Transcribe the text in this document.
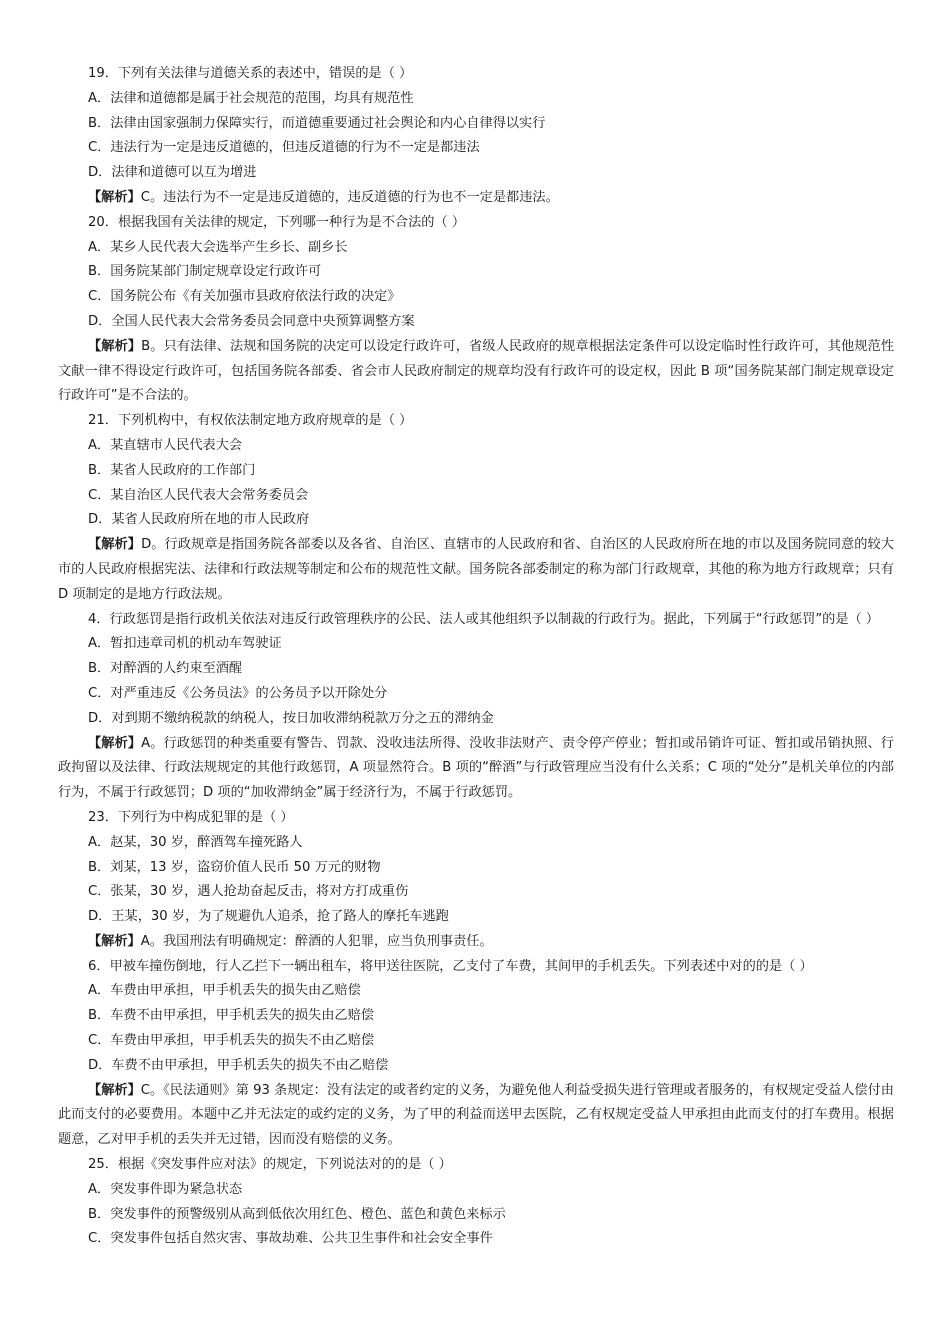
19．下列有关法律与道德关系的表述中，错误的是（ ）

A．法律和道德都是属于社会规范的范围，均具有规范性

B．法律由国家强制力保障实行，而道德重要通过社会舆论和内心自律得以实行

C．违法行为一定是违反道德的，但违反道德的行为不一定是都违法

D．法律和道德可以互为增进

【解析】C。违法行为不一定是违反道德的，违反道德的行为也不一定是都违法。

20．根据我国有关法律的规定，下列哪一种行为是不合法的（ ）

A．某乡人民代表大会选举产生乡长、副乡长

B．国务院某部门制定规章设定行政许可

C．国务院公布《有关加强市县政府依法行政的决定》

D．全国人民代表大会常务委员会同意中央预算调整方案

【解析】B。只有法律、法规和国务院的决定可以设定行政许可，省级人民政府的规章根据法定条件可以设定临时性行政许可，其他规范性文献一律不得设定行政许可，包括国务院各部委、省会市人民政府制定的规章均没有行政许可的设定权，因此 B 项“国务院某部门制定规章设定行政许可”是不合法的。

21．下列机构中，有权依法制定地方政府规章的是（ ）

A．某直辖市人民代表大会

B．某省人民政府的工作部门

C．某自治区人民代表大会常务委员会

D．某省人民政府所在地的市人民政府

【解析】D。行政规章是指国务院各部委以及各省、自治区、直辖市的人民政府和省、自治区的人民政府所在地的市以及国务院同意的较大市的人民政府根据宪法、法律和行政法规等制定和公布的规范性文献。国务院各部委制定的称为部门行政规章，其他的称为地方行政规章；只有 D 项制定的是地方行政法规。

4．行政惩罚是指行政机关依法对违反行政管理秩序的公民、法人或其他组织予以制裁的行政行为。据此，下列属于“行政惩罚”的是（ ）

A．暂扣违章司机的机动车驾驶证

B．对醉酒的人约束至酒醒

C．对严重违反《公务员法》的公务员予以开除处分

D．对到期不缴纳税款的纳税人，按日加收滞纳税款万分之五的滞纳金

【解析】A。行政惩罚的种类重要有警告、罚款、没收违法所得、没收非法财产、责令停产停业；暂扣或吊销许可证、暂扣或吊销执照、行政拘留以及法律、行政法规规定的其他行政惩罚，A 项显然符合。B 项的“醉酒”与行政管理应当没有什么关系；C 项的“处分”是机关单位的内部行为，不属于行政惩罚；D 项的“加收滞纳金”属于经济行为，不属于行政惩罚。

23．下列行为中构成犯罪的是（ ）

A．赵某，30 岁，醉酒驾车撞死路人

B．刘某，13 岁，盗窃价值人民币 50 万元的财物

C．张某，30 岁，遇人抢劫奋起反击，将对方打成重伤

D．王某，30 岁，为了规避仇人追杀，抢了路人的摩托车逃跑

【解析】A。我国刑法有明确规定：醉酒的人犯罪，应当负刑事责任。

6．甲被车撞伤倒地，行人乙拦下一辆出租车，将甲送往医院，乙支付了车费，其间甲的手机丢失。下列表述中对的的是（ ）

A．车费由甲承担，甲手机丢失的损失由乙赔偿

B．车费不由甲承担，甲手机丢失的损失由乙赔偿

C．车费由甲承担，甲手机丢失的损失不由乙赔偿

D．车费不由甲承担，甲手机丢失的损失不由乙赔偿

【解析】C。《民法通则》第 93 条规定：没有法定的或者约定的义务，为避免他人利益受损失进行管理或者服务的，有权规定受益人偿付由此而支付的必要费用。本题中乙并无法定的或约定的义务，为了甲的利益而送甲去医院，乙有权规定受益人甲承担由此而支付的打车费用。根据题意，乙对甲手机的丢失并无过错，因而没有赔偿的义务。

25．根据《突发事件应对法》的规定，下列说法对的的是（ ）

A．突发事件即为紧急状态

B．突发事件的预警级别从高到低依次用红色、橙色、蓝色和黄色来标示

C．突发事件包括自然灾害、事故劫难、公共卫生事件和社会安全事件
